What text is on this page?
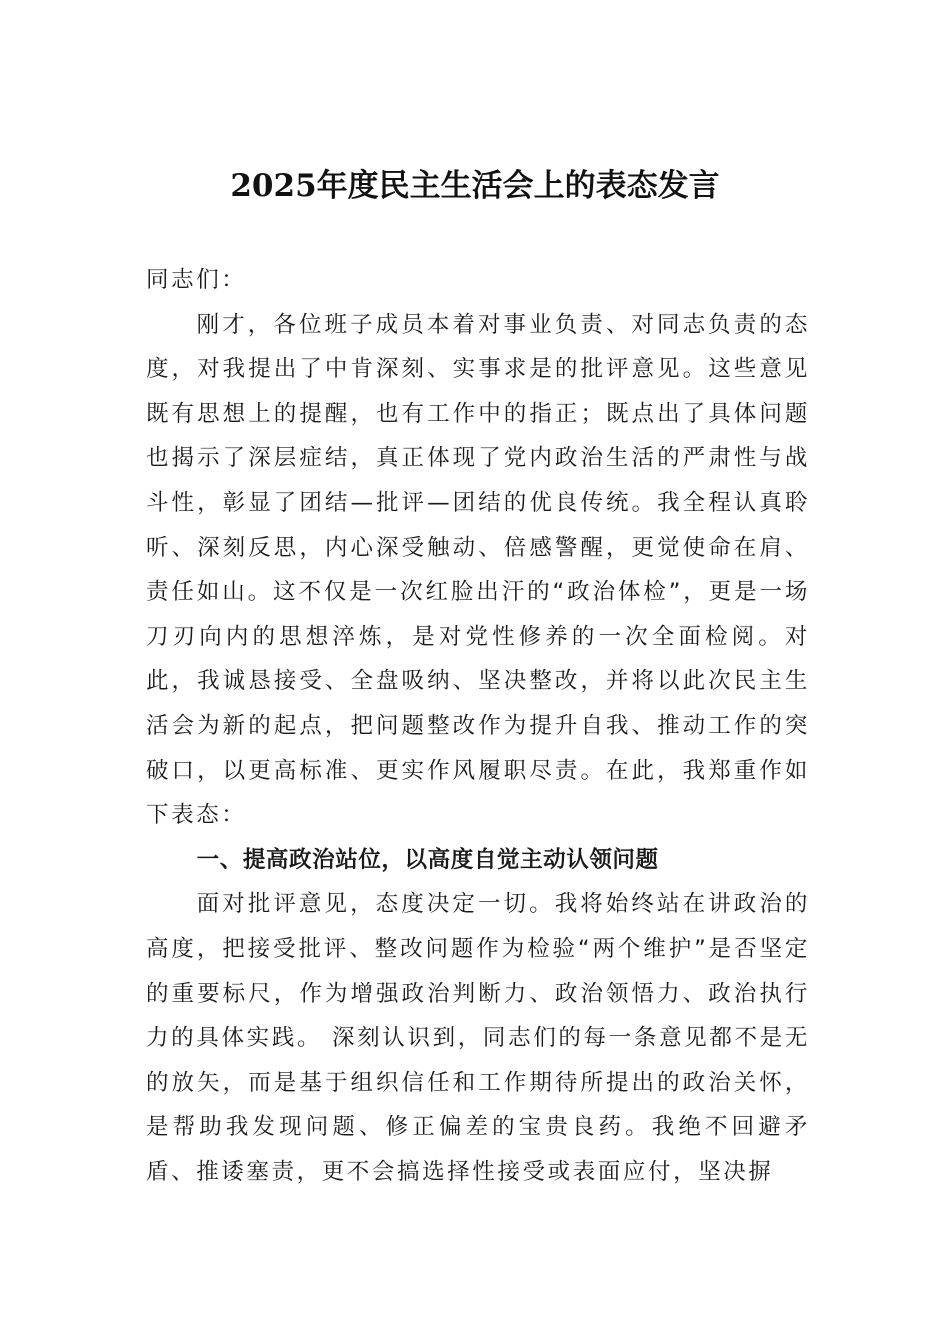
2025年度民主生活会上的表态发言

同志们：

刚才，各位班子成员本着对事业负责、对同志负责的态度，对我提出了中肯深刻、实事求是的批评意见。这些意见既有思想上的提醒，也有工作中的指正；既点出了具体问题也揭示了深层症结，真正体现了党内政治生活的严肃性与战斗性，彰显了团结—批评—团结的优良传统。我全程认真聆听、深刻反思，内心深受触动、倍感警醒，更觉使命在肩、责任如山。这不仅是一次红脸出汗的“政治体检”，更是一场刀刃向内的思想淬炼，是对党性修养的一次全面检阅。对此，我诚恳接受、全盘吸纳、坚决整改，并将以此次民主生活会为新的起点，把问题整改作为提升自我、推动工作的突破口，以更高标准、更实作风履职尽责。在此，我郑重作如下表态：

一、提高政治站位，以高度自觉主动认领问题

面对批评意见，态度决定一切。我将始终站在讲政治的高度，把接受批评、整改问题作为检验“两个维护”是否坚定的重要标尺，作为增强政治判断力、政治领悟力、政治执行力的具体实践。 深刻认识到，同志们的每一条意见都不是无的放矢，而是基于组织信任和工作期待所提出的政治关怀，是帮助我发现问题、修正偏差的宝贵良药。我绝不回避矛盾、推诿塞责，更不会搞选择性接受或表面应付，坚决摒
